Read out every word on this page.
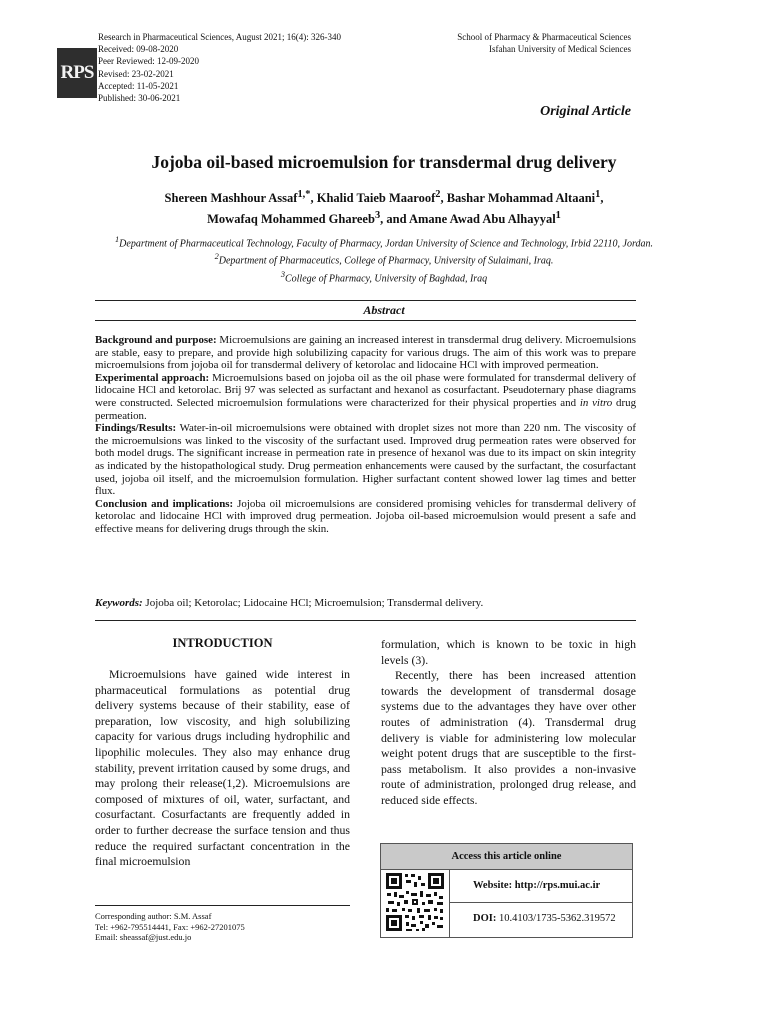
RPS
Research in Pharmaceutical Sciences, August 2021; 16(4): 326-340
Received: 09-08-2020
Peer Reviewed: 12-09-2020
Revised: 23-02-2021
Accepted: 11-05-2021
Published: 30-06-2021
School of Pharmacy & Pharmaceutical Sciences
Isfahan University of Medical Sciences
Original Article
Jojoba oil-based microemulsion for transdermal drug delivery
Shereen Mashhour Assaf$^{1,*}$, Khalid Taieb Maaroof$^2$, Bashar Mohammad Altaani$^1$,
Mowafaq Mohammed Ghareeb$^3$, and Amane Awad Abu Alhayyal$^1$
$^1$Department of Pharmaceutical Technology, Faculty of Pharmacy, Jordan University of Science and Technology, Irbid 22110, Jordan.
$^2$Department of Pharmaceutics, College of Pharmacy, University of Sulaimani, Iraq.
$^3$College of Pharmacy, University of Baghdad, Iraq
Abstract

Background and purpose: Microemulsions are gaining an increased interest in transdermal drug delivery. Microemulsions are stable, easy to prepare, and provide high solubilizing capacity for various drugs. The aim of this work was to prepare microemulsions from jojoba oil for transdermal delivery of ketorolac and lidocaine HCl with improved permeation.

Experimental approach: Microemulsions based on jojoba oil as the oil phase were formulated for transdermal delivery of lidocaine HCl and ketorolac. Brij 97 was selected as surfactant and hexanol as cosurfactant. Pseudoternary phase diagrams were constructed. Selected microemulsion formulations were characterized for their physical properties and in vitro drug permeation.

Findings/Results: Water-in-oil microemulsions were obtained with droplet sizes not more than 220 nm. The viscosity of the microemulsions was linked to the viscosity of the surfactant used. Improved drug permeation rates were observed for both model drugs. The significant increase in permeation rate in presence of hexanol was due to its impact on skin integrity as indicated by the histopathological study. Drug permeation enhancements were caused by the surfactant, the cosurfactant used, jojoba oil itself, and the microemulsion formulation. Higher surfactant content showed lower lag times and better flux.

Conclusion and implications: Jojoba oil microemulsions are considered promising vehicles for transdermal delivery of ketorolac and lidocaine HCl with improved drug permeation. Jojoba oil-based microemulsion would present a safe and effective means for delivering drugs through the skin.

Keywords: Jojoba oil; Ketorolac; Lidocaine HCl; Microemulsion; Transdermal delivery.
INTRODUCTION

Microemulsions have gained wide interest in pharmaceutical formulations as potential drug delivery systems because of their stability, ease of preparation, low viscosity, and high solubilizing capacity for various drugs including hydrophilic and lipophilic molecules. They also may enhance drug stability, prevent irritation caused by some drugs, and may prolong their release(1,2). Microemulsions are composed of mixtures of oil, water, surfactant, and cosurfactant. Cosurfactants are frequently added in order to further decrease the surface tension and thus reduce the required surfactant concentration in the final microemulsion

formulation, which is known to be toxic in high levels (3).

Recently, there has been increased attention towards the development of transdermal dosage systems due to the advantages they have over other routes of administration (4). Transdermal drug delivery is viable for administering low molecular weight potent drugs that are susceptible to the first-pass metabolism. It also provides a non-invasive route of administration, prolonged drug release, and reduced side effects.

Corresponding author: S.M. Assaf
Tel: +962-795514441, Fax: +962-27201075
Email: sheassaf@just.edu.jo
Access this article online
Website: http://rps.mui.ac.ir
DOI: 10.4103/1735-5362.319572
